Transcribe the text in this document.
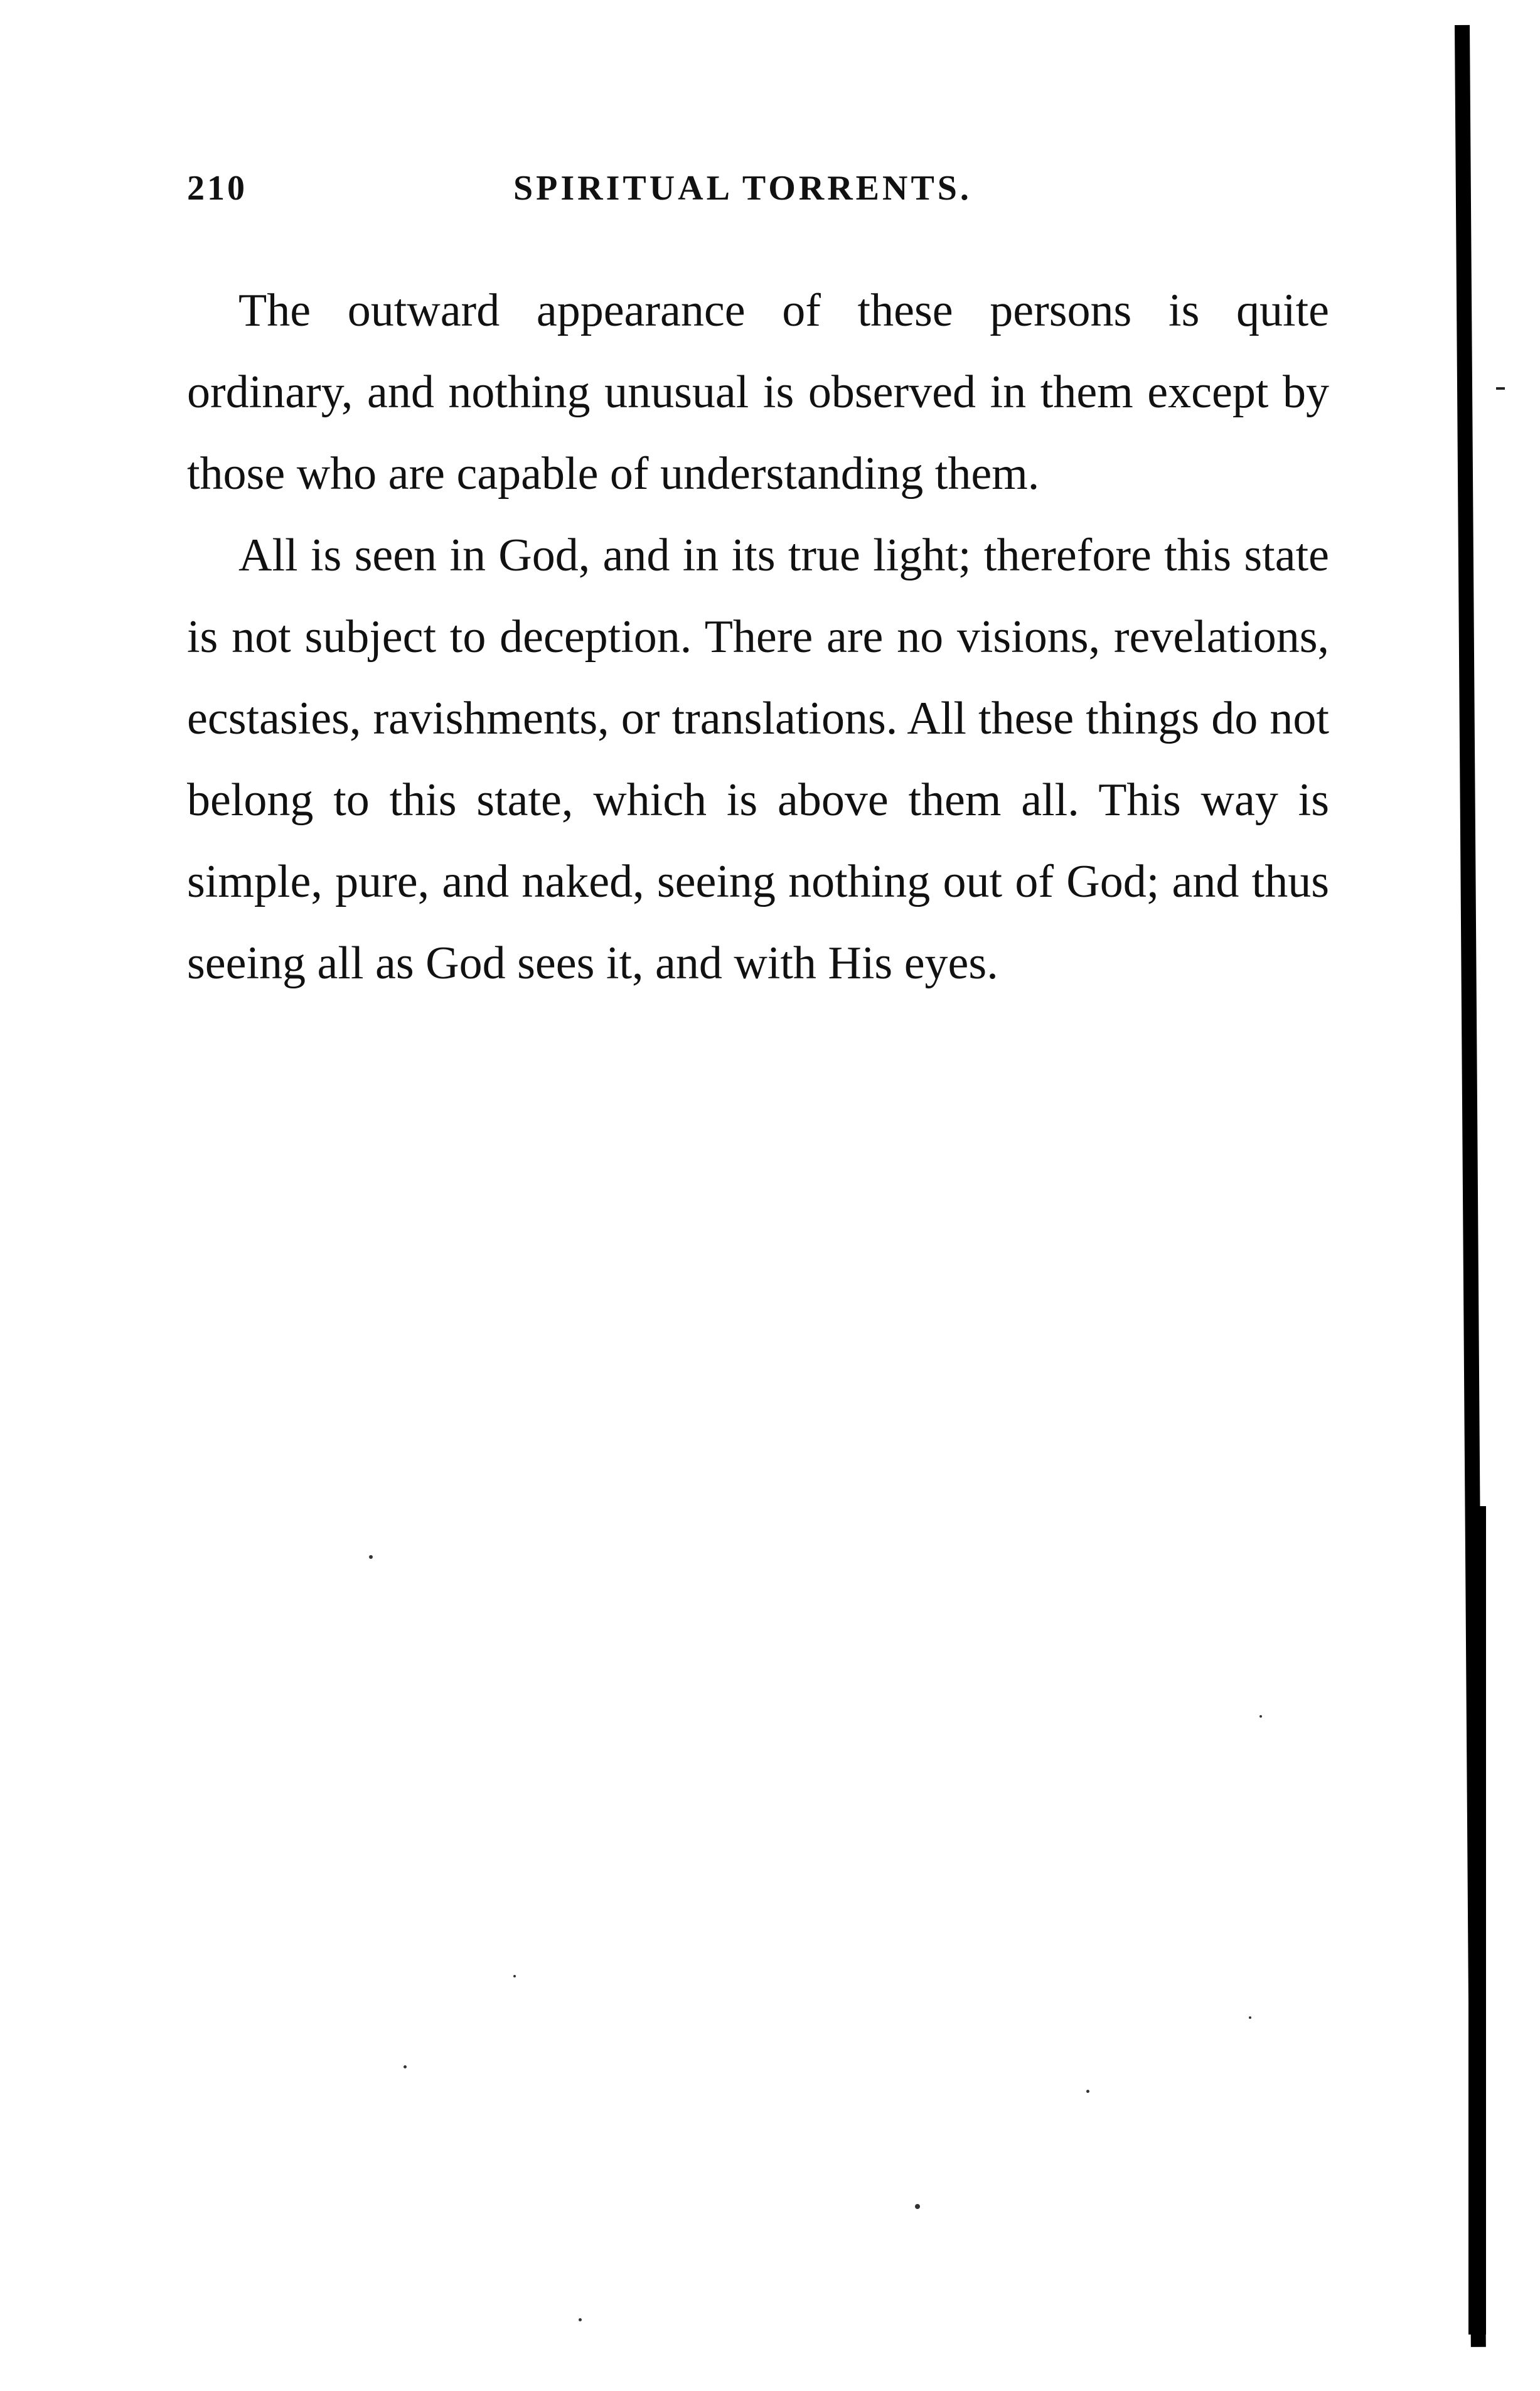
210	SPIRITUAL TORRENTS.

The outward appearance of these persons is quite ordinary, and nothing unusual is observed in them except by those who are capable of understanding them.

All is seen in God, and in its true light; therefore this state is not subject to deception. There are no visions, revelations, ecstasies, ravishments, or translations. All these things do not belong to this state, which is above them all. This way is simple, pure, and naked, seeing nothing out of God; and thus seeing all as God sees it, and with His eyes.
